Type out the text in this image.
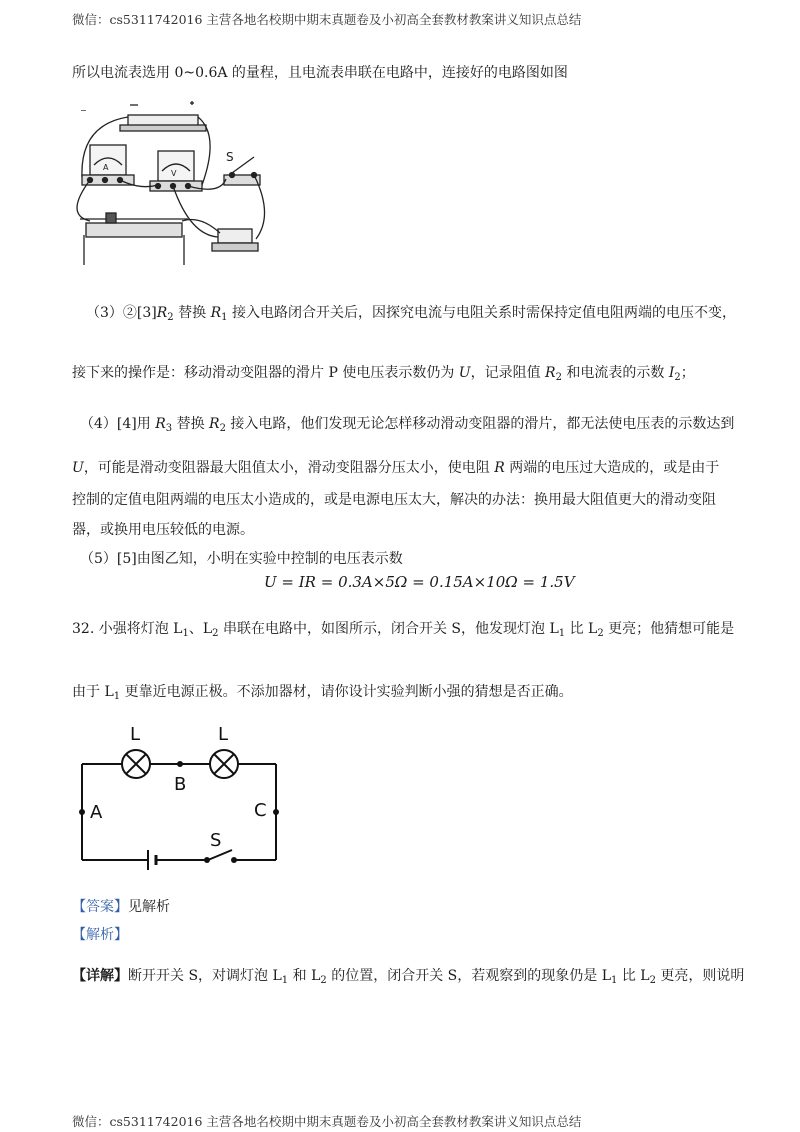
微信：cs5311742016 主营各地名校期中期末真题卷及小初高全套教材教案讲义知识点总结
所以电流表选用 0~0.6A 的量程，且电流表串联在电路中，连接好的电路图如图
−
S
A
V
$(3)②[3]R_2$ 替换 $R_1$ 接入电路闭合开关后，因探究电流与电阻关系时需保持定值电阻两端的电压不变，
接下来的操作是：移动滑动变阻器的滑片 P 使电压表示数仍为 U，记录阻值 $R_2$ 和电流表的示数 $I_2$；
（4）[4]用 $R_3$ 替换 $R_2$ 接入电路，他们发现无论怎样移动滑动变阻器的滑片，都无法使电压表的示数达到
U，可能是滑动变阻器最大阻值太小，滑动变阻器分压太小，使电阻 R 两端的电压过大造成的，或是由于
控制的定值电阻两端的电压太小造成的，或是电源电压太大，解决的办法：换用最大阻值更大的滑动变阻
器，或换用电压较低的电源。
（5）[5]由图乙知，小明在实验中控制的电压表示数
U = IR = 0.3A×5Ω = 0.15A×10Ω = 1.5V
32. 小强将灯泡 $L_1$、$L_2$ 串联在电路中，如图所示，闭合开关 S，他发现灯泡 $L_1$ 比 $L_2$ 更亮；他猜想可能是
由于 $L_1$ 更靠近电源正极。不添加器材，请你设计实验判断小强的猜想是否正确。
L	L
A
B
C
S
【答案】见解析
【解析】
【详解】断开开关 S，对调灯泡 $L_1$ 和 $L_2$ 的位置，闭合开关 S，若观察到的现象仍是 $L_1$ 比 $L_2$ 更亮，则说明
微信：cs5311742016 主营各地名校期中期末真题卷及小初高全套教材教案讲义知识点总结
